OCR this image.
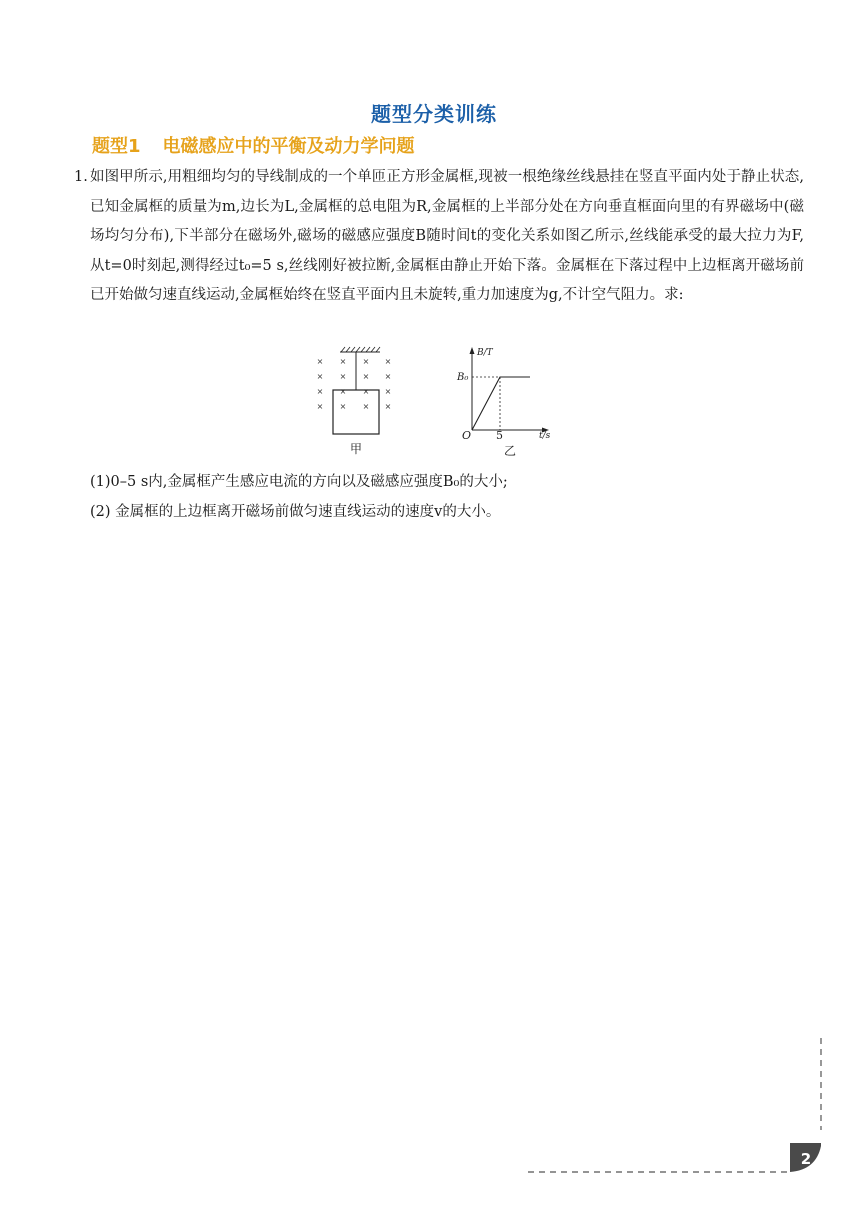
题型分类训练
题型1 电磁感应中的平衡及动力学问题
1. 如图甲所示,用粗细均匀的导线制成的一个单匝正方形金属框,现被一根绝缘丝线悬挂在竖直平面内处于静止状态,已知金属框的质量为m,边长为L,金属框的总电阻为R,金属框的上半部分处在方向垂直框面向里的有界磁场中(磁场均匀分布),下半部分在磁场外,磁场的磁感应强度B随时间t的变化关系如图乙所示,丝线能承受的最大拉力为F,从t=0时刻起,测得经过t₀=5 s,丝线刚好被拉断,金属框由静止开始下落。金属框在下落过程中上边框离开磁场前已开始做匀速直线运动,金属框始终在竖直平面内且未旋转,重力加速度为g,不计空气阻力。求:
× × × ×
× × × ×
× × × ×
× × × ×
甲
B/T
B₀
O 5	t/s
乙
(1)0–5 s内,金属框产生感应电流的方向以及磁感应强度B₀的大小;
(2) 金属框的上边框离开磁场前做匀速直线运动的速度v的大小。
2
